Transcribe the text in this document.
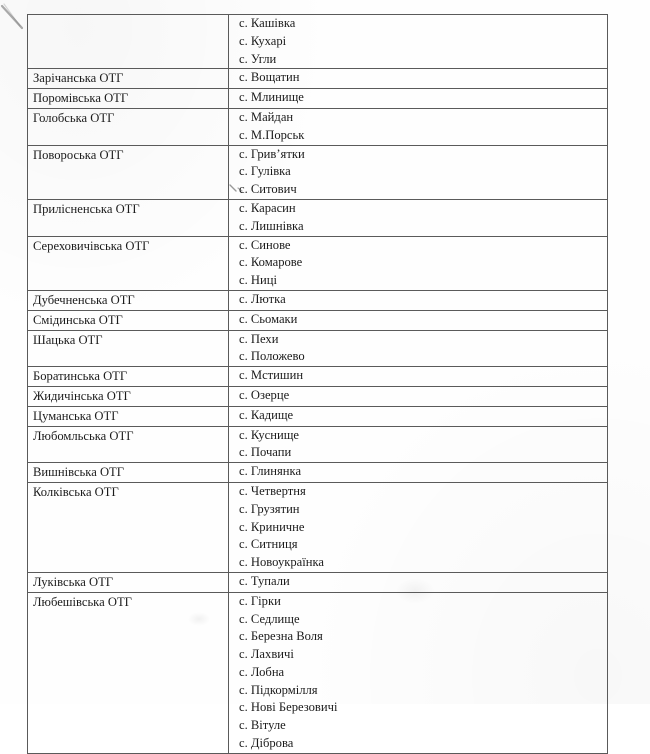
	с. Кашівка
с. Кухарі
с. Угли

Зарічанська ОТГ	с. Вощатин

Поромівська ОТГ	с. Млинище

Голобська ОТГ	с. Майдан
с. М.Порськ

Повороська ОТГ	с. Грив’ятки
с. Гулівка
с. Ситович

Прилісненська ОТГ	с. Карасин
с. Лишнівка

Сереховичівська ОТГ	с. Синове
с. Комарове
с. Ниці

Дубечненська ОТГ	с. Лютка

Смідинська ОТГ	с. Сьомаки

Шацька ОТГ	с. Пехи
с. Положево

Боратинська ОТГ	с. Мстишин

Жидичінська ОТГ	с. Озерце

Цуманська ОТГ	с. Кадище

Любомльська ОТГ	с. Куснище
с. Почапи

Вишнівська ОТГ	с. Глинянка

Колківська ОТГ	с. Четвертня
с. Грузятин
с. Криничне
с. Ситниця
с. Новоукраїнка

Луківська ОТГ	с. Тупали

Любешівська ОТГ	с. Гірки
с. Седлище
с. Березна Воля
с. Лахвичі
с. Лобна
с. Підкормілля
с. Нові Березовичі
с. Вітуле
с. Діброва
